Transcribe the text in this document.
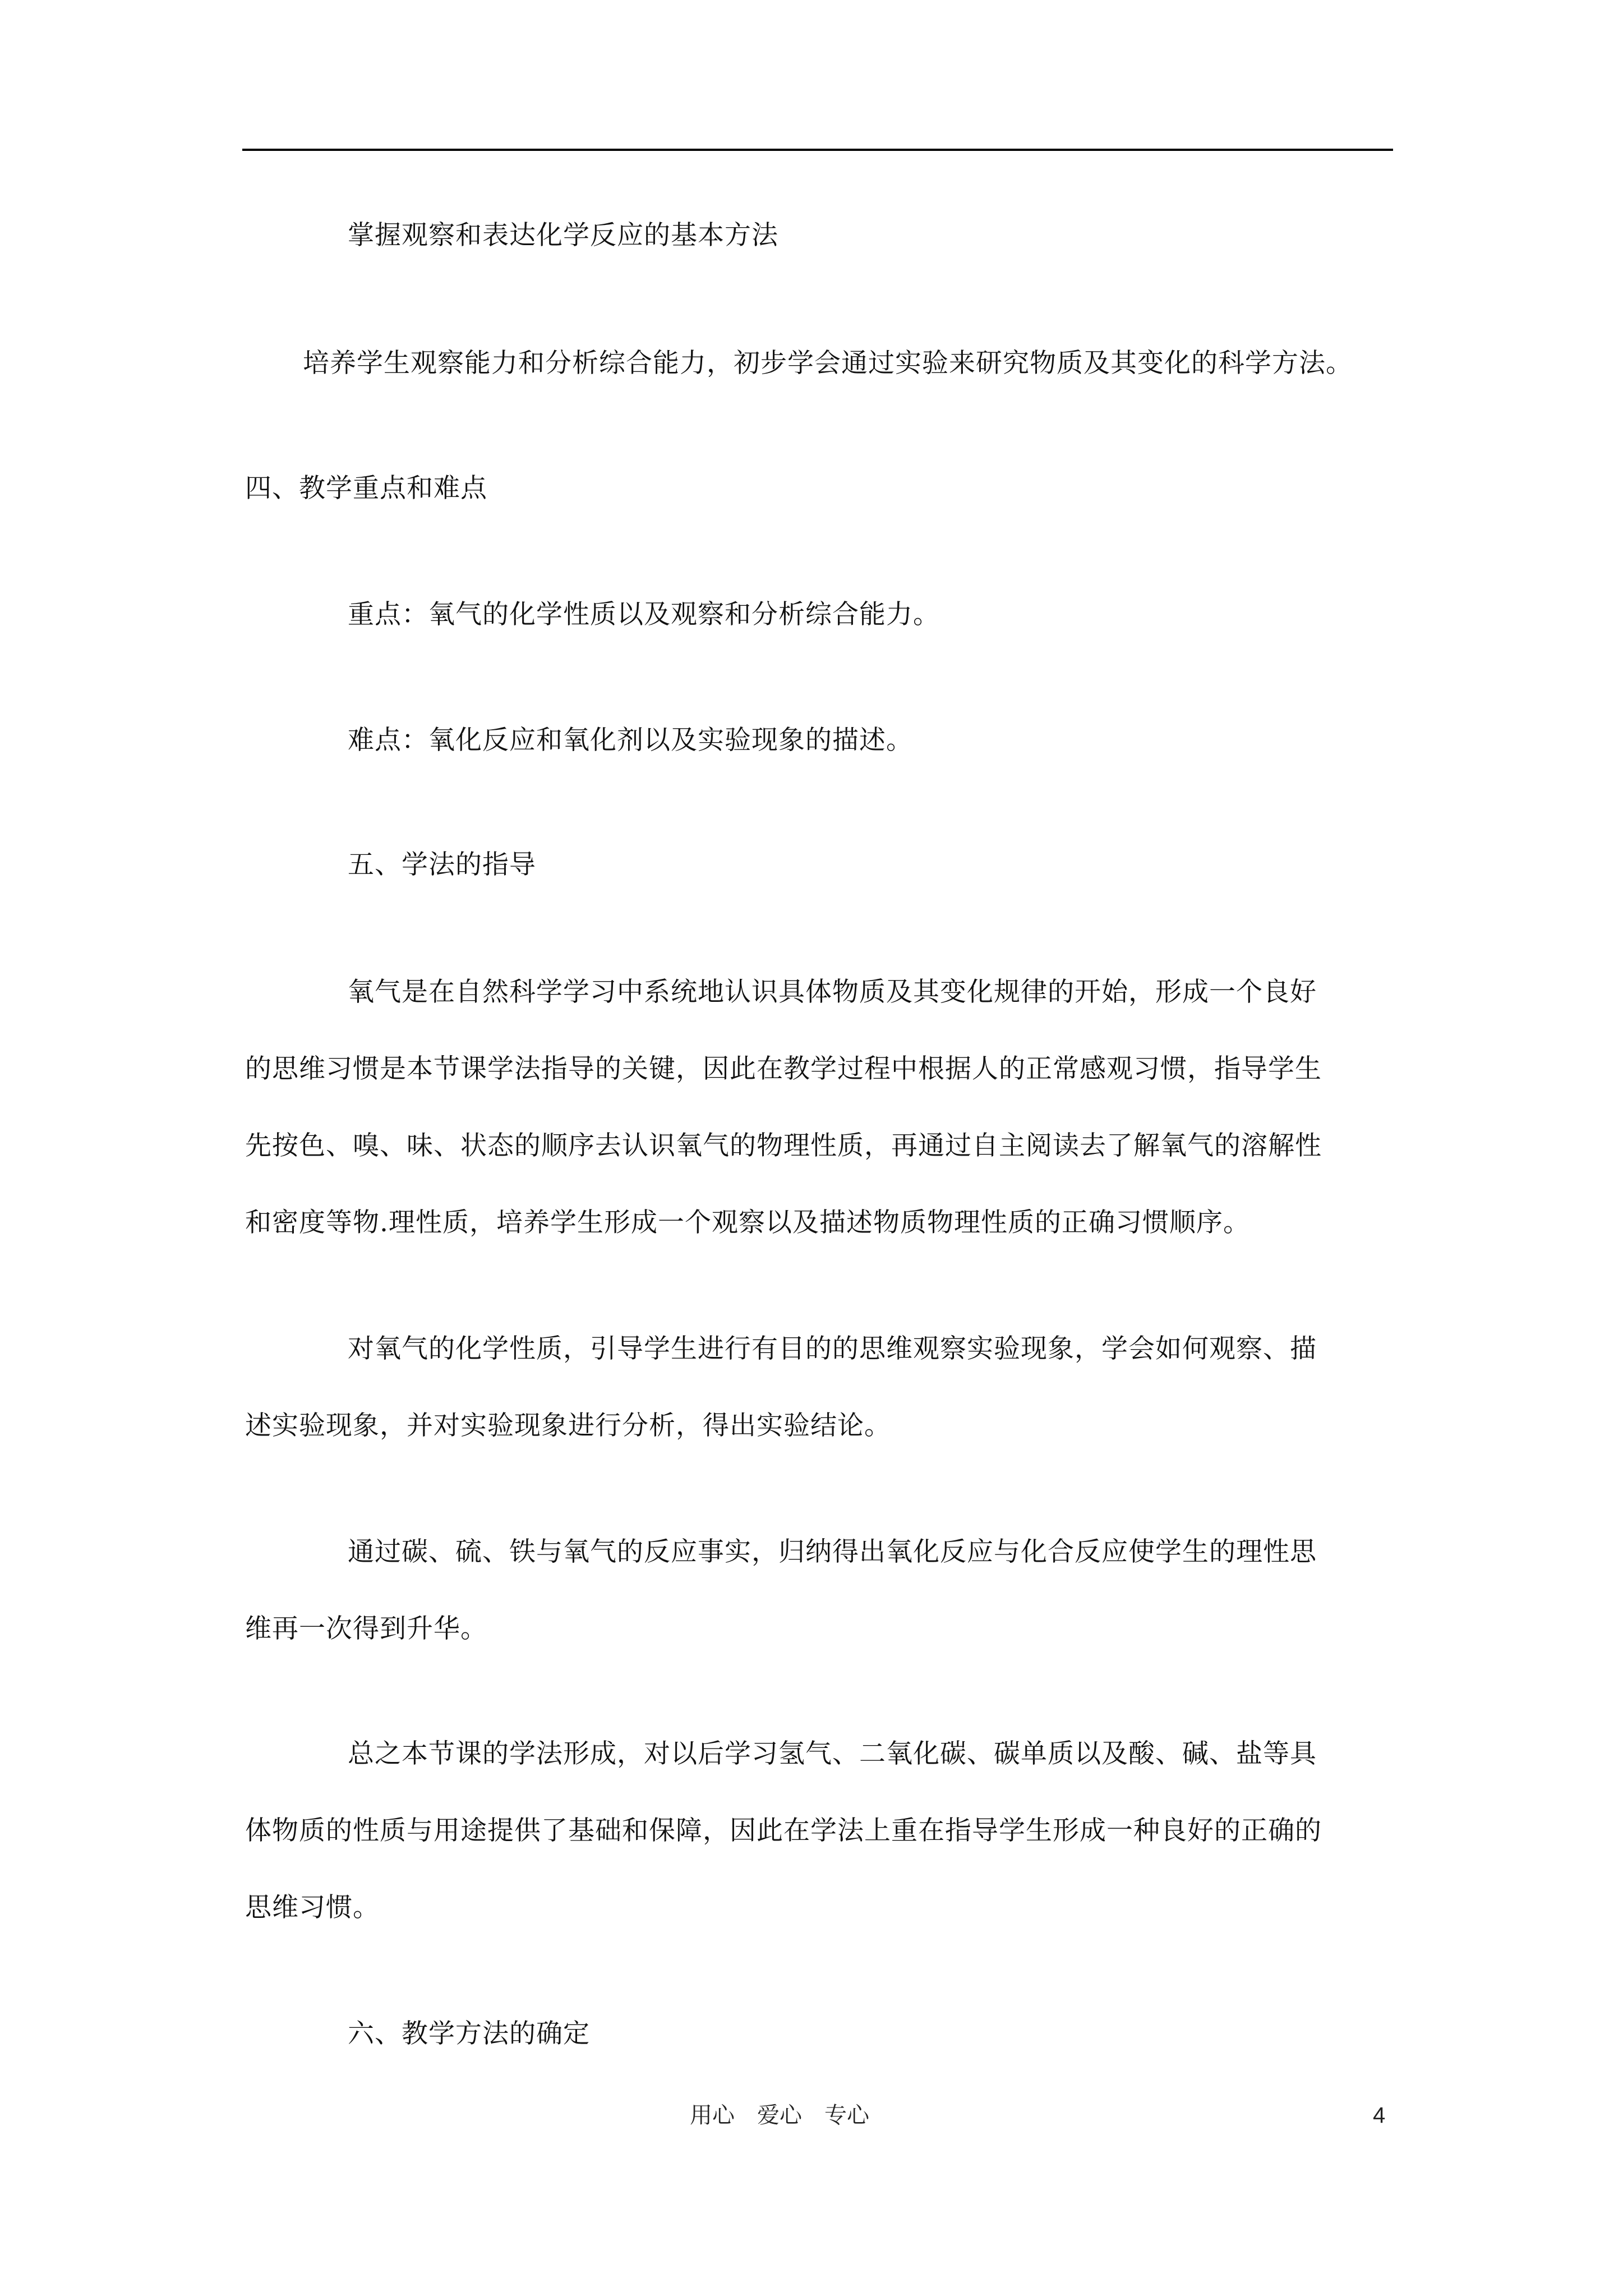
掌握观察和表达化学反应的基本方法

培养学生观察能力和分析综合能力，初步学会通过实验来研究物质及其变化的科学方法。

四、教学重点和难点

重点：氧气的化学性质以及观察和分析综合能力。

难点：氧化反应和氧化剂以及实验现象的描述。

五、学法的指导

氧气是在自然科学学习中系统地认识具体物质及其变化规律的开始，形成一个良好

的思维习惯是本节课学法指导的关键，因此在教学过程中根据人的正常感观习惯，指导学生

先按色、嗅、味、状态的顺序去认识氧气的物理性质，再通过自主阅读去了解氧气的溶解性

和密度等物.理性质，培养学生形成一个观察以及描述物质物理性质的正确习惯顺序。

对氧气的化学性质，引导学生进行有目的的思维观察实验现象，学会如何观察、描

述实验现象，并对实验现象进行分析，得出实验结论。

通过碳、硫、铁与氧气的反应事实，归纳得出氧化反应与化合反应使学生的理性思

维再一次得到升华。

总之本节课的学法形成，对以后学习氢气、二氧化碳、碳单质以及酸、碱、盐等具

体物质的性质与用途提供了基础和保障，因此在学法上重在指导学生形成一种良好的正确的

思维习惯。

六、教学方法的确定

用心　爱心　专心	4
